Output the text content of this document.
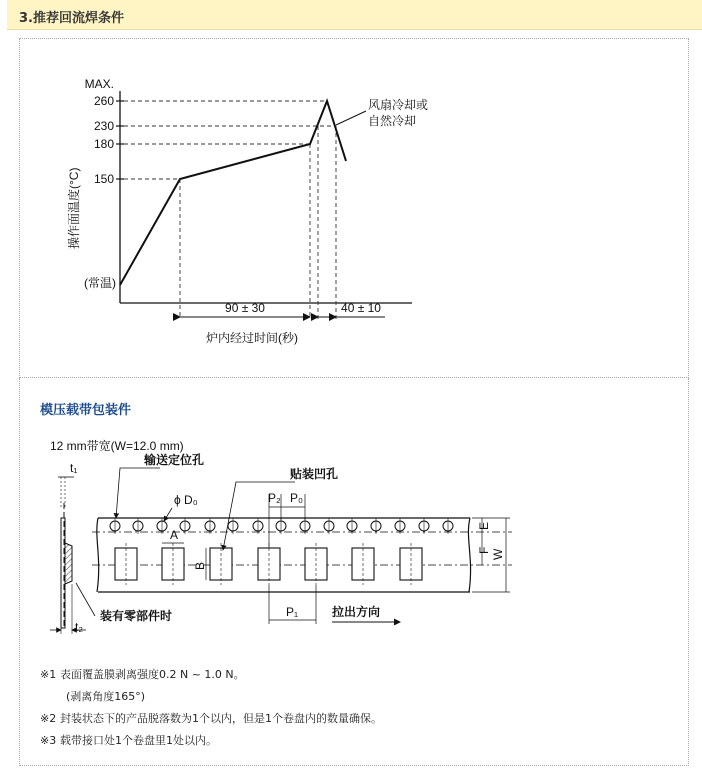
3.推荐回流焊条件
MAX.
260
230
180
150
(常温)
操作面温度(°C)
风扇冷却或
自然冷却
90 ± 30	40 ± 10
炉内经过时间(秒)
模压载带包装件
12 mm带宽(W=12.0 mm)
t₁
t₂
装有零部件时
输送定位孔
贴装凹孔
ϕ D₀
A
B
P₂ P₀
P₁	拉出方向
E
F W
※1 表面覆盖膜剥离强度0.2 N ~ 1.0 N。
(剥离角度165°)
※2 封装状态下的产品脱落数为1个以内，但是1个卷盘内的数量确保。
※3 载带接口处1个卷盘里1处以内。
